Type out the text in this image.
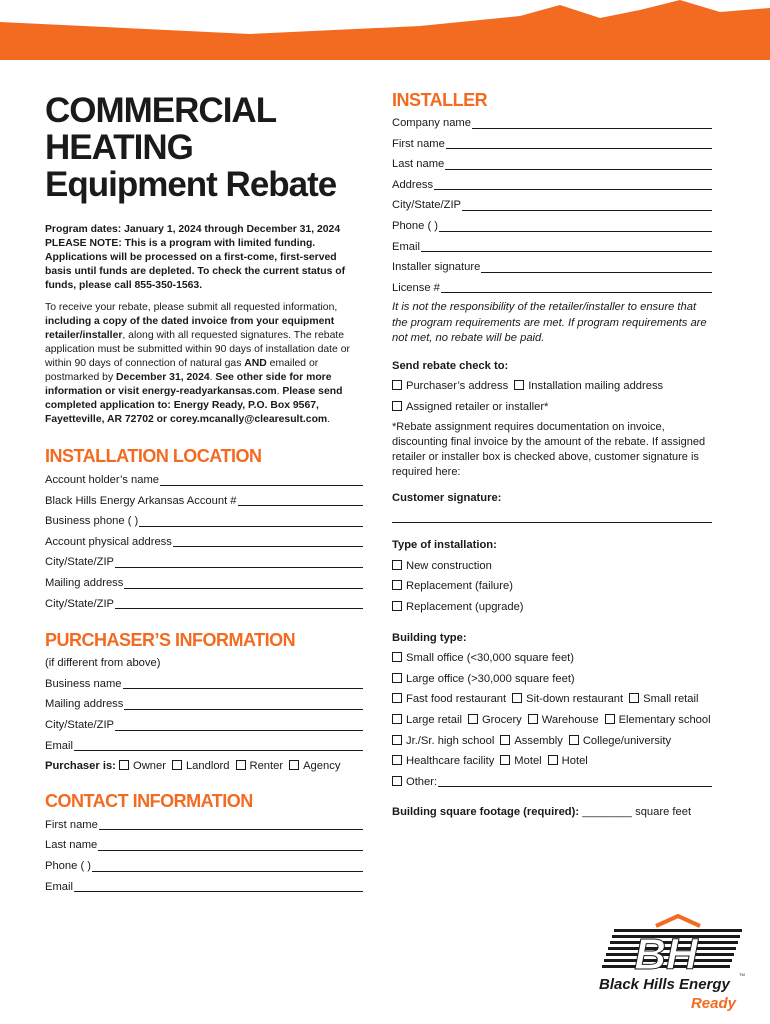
COMMERCIAL
HEATING
Equipment Rebate
Program dates: January 1, 2024 through December 31, 2024
PLEASE NOTE: This is a program with limited funding. Applications will be processed on a first-come, first-served basis until funds are depleted. To check the current status of funds, please call 855-350-1563.
To receive your rebate, please submit all requested information, including a copy of the dated invoice from your equipment retailer/installer, along with all requested signatures. The rebate application must be submitted within 90 days of installation date or within 90 days of connection of natural gas AND emailed or postmarked by December 31, 2024. See other side for more information or visit energy-readyarkansas.com. Please send completed application to: Energy Ready, P.O. Box 9567, Fayetteville, AR 72702 or corey.mcanally@clearesult.com.
INSTALLATION LOCATION
Account holder’s name
Black Hills Energy Arkansas Account #
Business phone ( )
Account physical address
City/State/ZIP
Mailing address
City/State/ZIP
PURCHASER’S INFORMATION
(if different from above)
Business name
Mailing address
City/State/ZIP
Email
Purchaser is: Owner Landlord Renter Agency
CONTACT INFORMATION
First name
Last name
Phone ( )
Email
INSTALLER
Company name
First name
Last name
Address
City/State/ZIP
Phone ( )
Email
Installer signature
License #
It is not the responsibility of the retailer/installer to ensure that the program requirements are met. If program requirements are not met, no rebate will be paid.
Send rebate check to:
Purchaser’s address Installation mailing address
Assigned retailer or installer*
*Rebate assignment requires documentation on invoice, discounting final invoice by the amount of the rebate. If assigned retailer or installer box is checked above, customer signature is required here:
Customer signature:
Type of installation:
New construction
Replacement (failure)
Replacement (upgrade)
Building type:
Small office (<30,000 square feet)
Large office (>30,000 square feet)
Fast food restaurant Sit-down restaurant Small retail
Large retail Grocery Warehouse Elementary school
Jr./Sr. high school Assembly College/university
Healthcare facility Motel Hotel
Other:
Building square footage (required): ________ square feet
BH	TM
Black Hills Energy
Ready
